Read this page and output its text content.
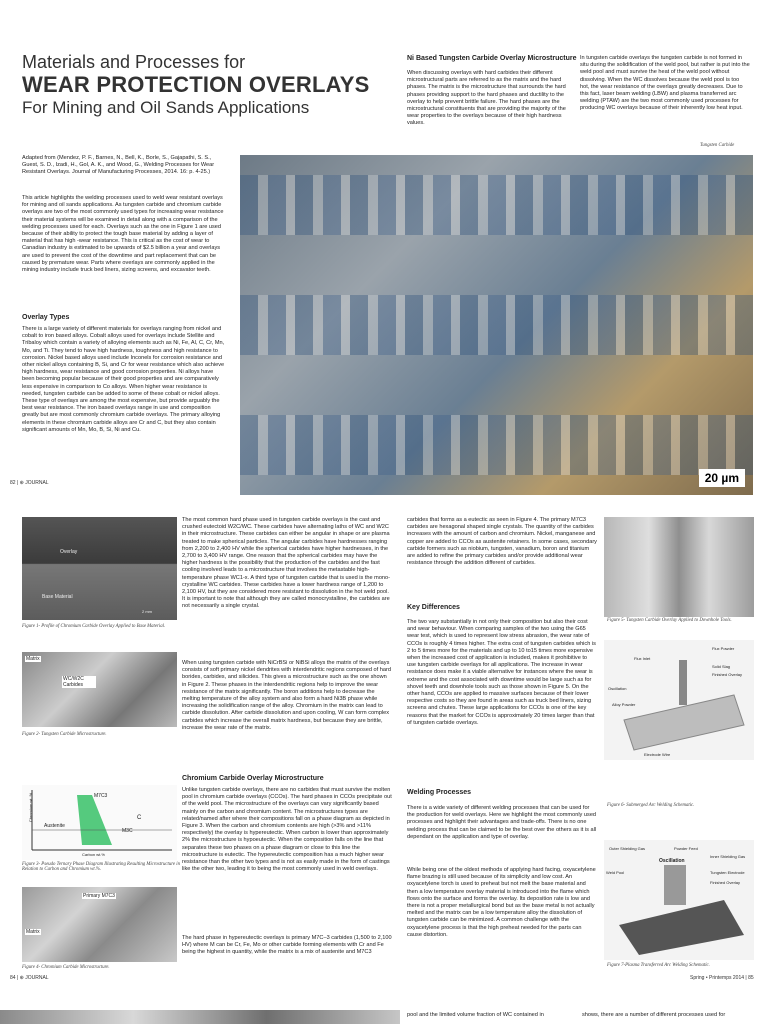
Materials and Processes for
WEAR PROTECTION OVERLAYS
For Mining and Oil Sands Applications
Adapted from (Mendez, P. F., Barnes, N., Bell, K., Borle, S., Gajapathi, S. S., Guest, S. D., Izadi, H., Gol, A. K., and Wood, G., Welding Processes for Wear Resistant Overlays. Journal of Manufacturing Processes, 2014. 16: p. 4-25.)
This article highlights the welding processes used to weld wear resistant overlays for mining and oil sands applications. As tungsten carbide and chromium carbide overlays are two of the most commonly used types for increasing wear resistance their material systems will be examined in detail along with a comparison of the welding processes used for each. Overlays such as the one in Figure 1 are used because of their ability to protect the tough base material by adding a layer of material that has high -wear resistance. This is critical as the cost of wear to Canadian industry is estimated to be upwards of $2.5 billion a year and overlays are used to prevent the cost of the downtime and part replacement that can be caused by premature wear. Parts where overlays are commonly applied in the mining industry include truck bed liners, sizing screens, and excavator teeth.
Overlay Types
There is a large variety of different materials for overlays ranging from nickel and cobalt to iron based alloys. Cobalt alloys used for overlays include Stellite and Tribaloy which contain a variety of alloying elements such as Ni, Fe, Al, C, Cr, Mn, Mo, and Ti. They tend to have high hardness, toughness and high resistance to corrosion. Nickel based alloys used include Inconels for corrosion resistance and other nickel alloys containing B, Si, and Cr for wear resistance which also achieve high hardness, wear resistance and good corrosion properties. Ni alloys have been becoming popular because of their good properties and are comparatively less expensive in comparison to Co alloys. When higher wear resistance is needed, tungsten carbide can be added to some of these cobalt or nickel alloys. These type of overlays are among the most expensive, but provide arguably the best wear resistance. The iron based overlays range in use and composition greatly but are most commonly chromium carbide overlays. The primary alloying elements in these chromium carbide alloys are Cr and C, but they also contain significant amounts of Mn, Mo, B, Si, Ni and Cu.
Ni Based Tungsten Carbide Overlay Microstructure
When discussing overlays with hard carbides their different microstructural parts are referred to as the matrix and the hard phases. The matrix is the microstructure that surrounds the hard phases providing support to the hard phases and ductility to the overlay to help prevent brittle failure. The hard phases are the microstructural constituents that are providing the majority of the wear properties to the overlays because of their high hardness values.
In tungsten carbide overlays the tungsten carbide is not formed in situ during the solidification of the weld pool, but rather is put into the weld pool and must survive the heat of the weld pool without dissolving. When the WC dissolves because the weld pool is too hot, the wear resistance of the overlays greatly decreases. Due to this fact, laser beam welding (LBW) and plasma transferred arc welding (PTAW) are the two most commonly used processes for producing WC overlays because of their inherently low heat input.
Tungsten Carbide
20 µm
82 | ⊕ JOURNAL
Overlay
Base Material
2 mm
Figure 1- Profile of Chromium Carbide Overlay Applied to Base Material.
Matrix
WC/W2C Carbides
Figure 2- Tungsten Carbide Microstructure.
Chromium wt. %
Austenite
M7C3
C
M3C
Carbon wt.%
Figure 3- Pseudo Ternary Phase Diagram Illustrating Resulting Microstructure in Relation to Carbon and Chromium wt.%.
Primary M7C3
Matrix
Figure 4- Chromium Carbide Microstructure.
The most common hard phase used in tungsten carbide overlays is the cast and crushed eutectoid W2C/WC. These carbides have alternating laths of WC and W2C in their microstructure. These carbides can either be angular in shape or are plasma treated to make spherical particles. The angular carbides have hardnesses ranging from 2,200 to 2,400 HV while the spherical carbides have higher hardnesses, in the 2,700 to 3,400 HV range. One reason that the spherical carbides may have the higher hardness is the possibility that the production of the carbides and the fast cooling involved leads to a microstructure that involves the metastable high-temperature phase WC1-x. A third type of tungsten carbide that is used is the mono-crystalline WC carbides. These carbides have a lower hardness range of 1,200 to 2,100 HV, but they are considered more resistant to dissolution in the hot weld pool. It is important to note that although they are called monocrystalline, the carbides are not necessarily a single crystal.
When using tungsten carbide with NiCrBSi or NiBSi alloys the matrix of the overlays consists of soft primary nickel dendrites with interdendritic regions composed of hard borides, carbides, and silicides. This gives a microstructure such as the one shown in Figure 2. These phases in the interdendritic regions help to improve the wear resistance of the matrix significantly. The boron additions help to decrease the melting temperature of the alloy system and also form a hard Ni3B phase while increasing the solidification range of the alloy. Chromium in the matrix can lead to carbide dissolution. After carbide dissolution and upon cooling, W can form complex carbides which increase the overall matrix hardness, but because they are brittle, increase the wear rate of the matrix.
Chromium Carbide Overlay Microstructure
Unlike tungsten carbide overlays, there are no carbides that must survive the molten pool in chromium carbide overlays (CCOs). The hard phases in CCOs precipitate out of the weld pool. The microstructure of the overlays can vary significantly based mainly on the carbon and chromium content. The microstructures types are related/named after where their compositions fall on a phase diagram as depicted in Figure 3. When the carbon and chromium contents are high (>3% and >11% respectively) the overlay is hypereutectic. When carbon is lower than approximately 2% the microstructure is hypoeutectic. When the composition falls on the line that separates these two phases on a phase diagram or close to this line the microstructure is eutectic. The hypereutectic composition has a much higher wear resistance than the other two types and is not as easily made in the form of castings like the other two, leading it to being the most commonly used in weld overlays.
The hard phase in hypereutectic overlays is primary M7C–3 carbides (1,500 to 2,100 HV) where M can be Cr, Fe, Mo or other carbide forming elements with Cr and Fe being the highest in quantity, while the matrix is a mix of austenite and M7C3
carbides that forms as a eutectic as seen in Figure 4. The primary M7C3 carbides are hexagonal shaped single crystals. The quantity of the carbides increases with the amount of carbon and chromium. Nickel, manganese and copper are added to CCOs as austenite retainers. In some cases, secondary carbide formers such as niobium, tungsten, vanadium, boron and titanium are added to refine the primary carbides and/or provide additional wear resistance through the addition different of carbides.
Key Differences
The two vary substantially in not only their composition but also their cost and wear behaviour. When comparing samples of the two using the G65 wear test, which is used to represent low stress abrasion, the wear rate of CCOs is roughly 4 times higher. The extra cost of tungsten carbides which is 2 to 5 times more for the materials and up to 10 to15 times more expensive when the increased cost of application is included, makes it prohibitive to use tungsten carbide overlays for all applications. The increase in wear resistance does make it a viable alternative for instances where the wear is extreme and the cost associated with downtime would be large such as for shovel teeth and downhole tools such as those shown in Figure 5. On the other hand, CCOs are applied to massive surfaces because of their lower respective costs so they are found in areas such as truck bed liners, sizing screens and chutes. These large applications for CCOs is one of the key reasons that the market for CCOs is approximately 20 times larger than that of tungsten carbide overlays.
Welding Processes
There is a wide variety of different welding processes that can be used for the production for weld overlays. Here we highlight the most commonly used processes and highlight their advantages and trade-offs. There is no one welding process that can be claimed to be the best over the others as it is all dependant on the application and type of overlay.
While being one of the oldest methods of applying hard facing, oxyacetylene flame brazing is still used because of its simplicity and low cost. An oxyacetylene torch is used to preheat but not melt the base material and then a low temperature overlay material is introduced into the flame which flows onto the surface and forms the overlay. Its deposition rate is low and there is not a proper metallurgical bond but as the base metal is not actually melted and the matrix can be a low temperature alloy the dissolution of tungsten carbide can be minimized. A common challenge with the oxyacetylene process is that the high preheat needed for the parts can cause distortion.
Figure 5- Tungsten Carbide Overlay Applied to Downhole Tools.
Flux Powder
Flux Inlet
Solid Slag
Finished Overlay
Oscillation
Alloy Powder
Electrode Wire
Figure 6- Submerged Arc Welding Schematic.
Outer Shielding Gas	Powder Feed
Inner Shielding Gas
Weld Pool
Oscillation
Tungsten Electrode
Finished Overlay
Figure 7-Plasma Transferred Arc Welding Schematic.
84 | ⊕ JOURNAL	Spring • Printemps 2014 | 85
pool and the limited volume fraction of WC contained in	shows, there are a number of different processes used for
